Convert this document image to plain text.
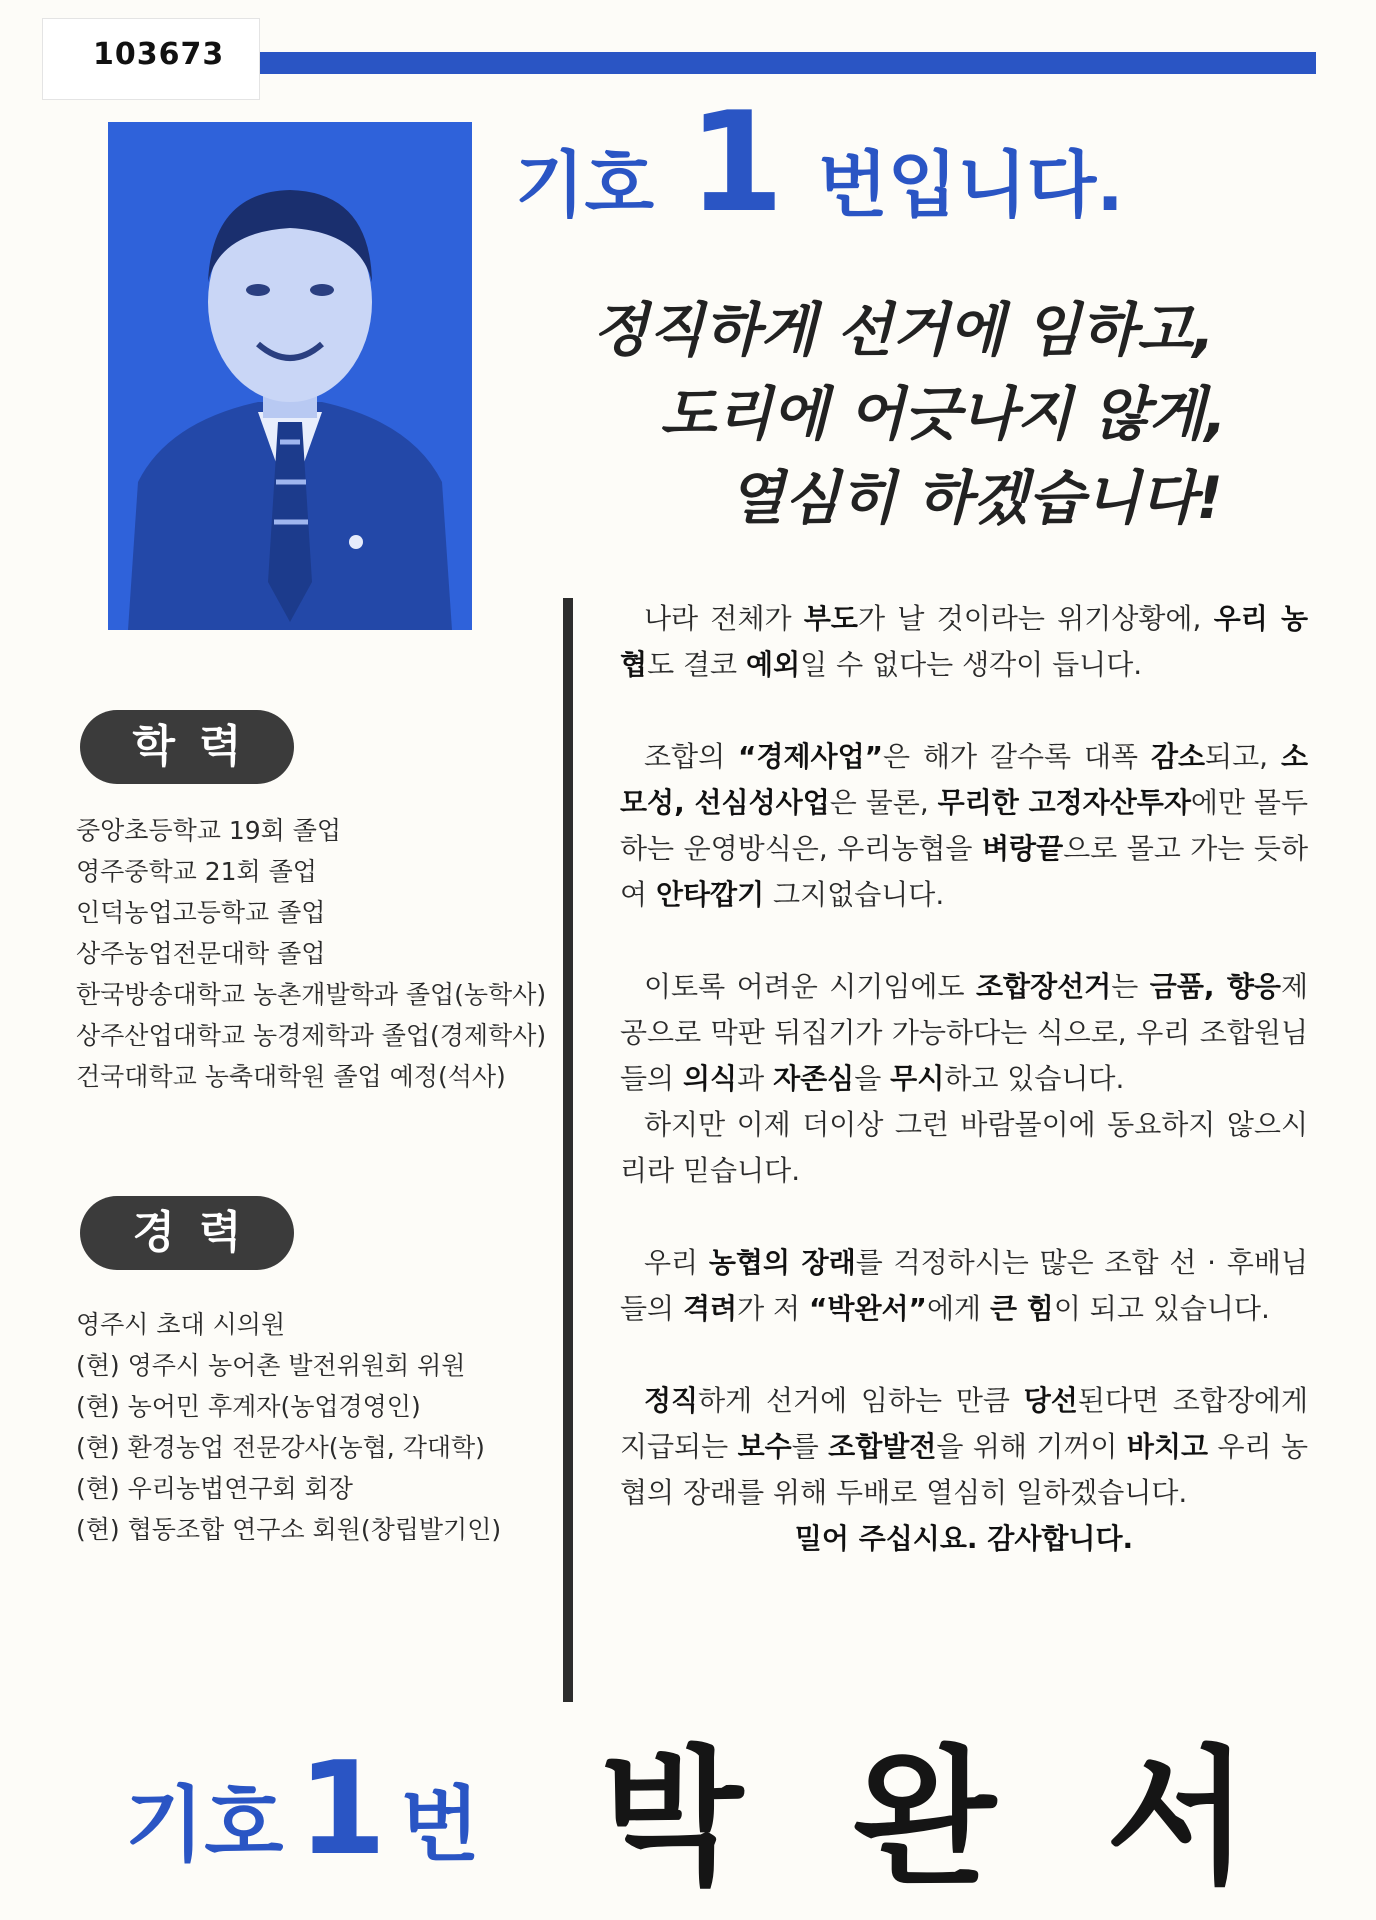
103673
기호 1 번입니다.
정직하게 선거에 임하고,
도리에 어긋나지 않게,
열심히 하겠습니다!
학력
중앙초등학교 19회 졸업
영주중학교 21회 졸업
인덕농업고등학교 졸업
상주농업전문대학 졸업
한국방송대학교 농촌개발학과 졸업(농학사)
상주산업대학교 농경제학과 졸업(경제학사)
건국대학교 농축대학원 졸업 예정(석사)
경력
영주시 초대 시의원
(현) 영주시 농어촌 발전위원회 위원
(현) 농어민 후계자(농업경영인)
(현) 환경농업 전문강사(농협, 각대학)
(현) 우리농법연구회 회장
(현) 협동조합 연구소 회원(창립발기인)

나라 전체가 부도가 날 것이라는 위기상황에, 우리 농협도 결코 예외일 수 없다는 생각이 듭니다.

조합의 “경제사업”은 해가 갈수록 대폭 감소되고, 소모성, 선심성사업은 물론, 무리한 고정자산투자에만 몰두하는 운영방식은, 우리농협을 벼랑끝으로 몰고 가는 듯하여 안타깝기 그지없습니다.

이토록 어려운 시기임에도 조합장선거는 금품, 향응제공으로 막판 뒤집기가 가능하다는 식으로, 우리 조합원님들의 의식과 자존심을 무시하고 있습니다.

하지만 이제 더이상 그런 바람몰이에 동요하지 않으시리라 믿습니다.

우리 농협의 장래를 걱정하시는 많은 조합 선 · 후배님들의 격려가 저 “박완서”에게 큰 힘이 되고 있습니다.

정직하게 선거에 임하는 만큼 당선된다면 조합장에게 지급되는 보수를 조합발전을 위해 기꺼이 바치고 우리 농협의 장래를 위해 두배로 열심히 일하겠습니다.

밀어 주십시요. 감사합니다.

기호 1 번 박완서
